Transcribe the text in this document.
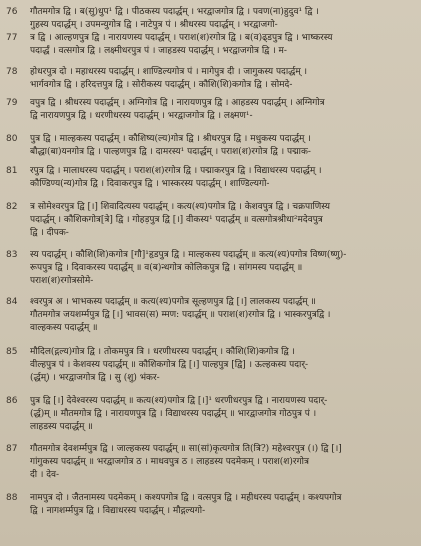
76 गौतमगोत्र द्वि । ब(सु)धुप¹ द्वि । पीठकस्य पदार्द्धम् । भरद्वाजगोत्र द्वि । पवण(ना)हुदुव¹ द्वि ।
गुहस्य पदार्द्धम् । उपमन्युगोत्र द्वि । नाटेपुत्र पं । श्रीधरस्य पदार्द्धम् । भरद्वाजगो-
77 त्र द्वि । आल्हणपुत्र द्वि । नारायणस्य पदार्द्धम् । पराश(श)रगोत्र द्वि । ब(व)ढ्डपुत्र द्वि । भाष्करस्य
पदार्द्धं । वत्सगोत्र द्वि । लक्ष्मीधरपुत्र पं । जाहडस्य पदार्द्धम् । भरद्वाजगोत्र द्वि । म-
78 होधरपुत्र दो । महाधरस्य पदार्द्धम् । शाण्डिल्यगोत्र पं । मागेपुत्र दी । जागुकस्य पदार्द्धम् ।
भार्गवगोत्र द्वि । हरिदत्तपुत्र द्वि । सोरीकस्य पदार्द्धम् । कौशि(शि)कगोत्र द्वि । सोमदे-
79 वपुत्र द्वि । श्रीधरस्य पदार्द्धम् । अग्निगोत्र द्वि । नारायणपुत्र द्वि । आहडस्य पदार्द्धम् । अग्निगोत्र
द्वि नारायणपुत्र द्वि । धरणीधरस्य पदार्द्धम् । भरद्वाजगोत्र द्वि । लक्ष्मण¹-
80 पुत्र द्वि । माल्हकस्य पदार्द्धम् । कौशिष्य(ल्य)गोत्र द्वि । श्रीधरपुत्र द्वि । मधुकस्य पदार्द्धम् ।
बौद्धा(बा)यनगोत्र द्वि । पाल्हणपुत्र द्वि । दामरस्य¹ पदार्द्धम् । पराश(श)रगोत्र द्वि । पद्माक-
81 रपुत्र द्वि । मालाधरस्य पदार्द्धम् । पराश(श)रगोत्र द्वि । पद्माकरपुत्र द्वि । विद्याधरस्य पदार्द्धम् ।
कौण्डिण्य(न्य)गोत्र द्वि । दिवाकरपुत्र द्वि । भास्करस्य पदार्द्धम् । शाण्डिल्यगो-
82 त्र सोमेश्वरपुत्र द्वि [।] शिवादित्यस्य पदार्द्धम् । कत्य(श्य)पगोत्र द्वि । केशवपुत्र द्वि । चक्रपाणिस्य
पदार्द्धम् । कौशिकगोत्र[त्रे] द्वि । गोहड़पुत्र द्वि [।] वीकस्य¹ पदार्द्धम् ॥ वत्सगोत्रश्रीधा²मदेवपुत्र
द्वि । दीपक-
83 स्य पदार्द्धम् । कौशि(शि)कगोत्र [गौ]¹हृडपुत्र द्वि । माल्हकस्य पदार्द्धम् ॥ कत्य(श्य)पगोत्र विष्ण(ष्णु)-
रूपपुत्र द्वि । दिवाकरस्य पदार्द्धम् ॥ व(ब)न्धगोत्र कोलिकपुत्र द्वि । सांगमस्य पदार्द्धम् ॥
पराश(श)रगोत्रसोमे-
84 श्वरपुत्र अ । भाभकस्य पदार्द्धम् ॥ कत्य(श्य)पगोत्र सूल्हणपुत्र द्वि [।] लालकस्य पदार्द्धम् ॥
गौतमगोत्र जयशर्म्मपुत्र द्वि [।] भावस(स) म्मण: पदार्द्धम् ॥ पराश(श)रगोत्र द्वि । भास्करपुत्रद्वि ।
वाल्हकस्य पदार्द्धम् ॥
85 मौदिल(द्गल्य)गोत्र द्वि । तोकमपुत्र त्रि । धरणीधरस्य पदार्द्धम् । कौशि(शि)कगोत्र द्वि ।
वील्हपुत्र पं । केशवस्य पदार्द्धम् ॥ कौशिकगोत्र द्वि [।] पाल्हपुत्र [द्वि] । ऊल्हकस्य पदार्-
(र्द्धम्) । भरद्वाजगोत्र द्वि । सु (शु) भंकर-
86 पुत्र द्वि [।] देवेश्वरस्य पदार्द्धम् ॥ कत्य(श्य)पगोत्र द्वि [।]¹ धरणीधरपुत्र द्वि । नारायणस्य पदार्-
(र्द्ध)म् ॥ मौतमगोत्र द्वि । नारायणपुत्र द्वि । विद्याधरस्य पदार्द्धम् ॥ भारद्वाजगोत्र गोठपुत्र पं ।
लाहडस्य पदार्द्धम् ॥
87 गौतमगोत्र देवशर्म्मपुत्र द्वि । जाल्हकस्य पदार्द्धम् ॥ सा(सां)कृत्यगोत्र ति(त्रि?) महेश्वरपुत्र (।) द्वि [।]
गांगुकस्य पदार्द्धम् ॥ भरद्वाजगोत्र ठ । माधवपुत्र ठ । लाहडस्य पदमेकम् । पराश(श)रगोत्र
दी । देव-
88 नामपुत्र दो । जैतनामस्य पदमेकम् । कश्यपगोत्र द्वि । वत्सपुत्र द्वि । महीधरस्य पदार्द्धम् । कश्यपगोत्र
द्वि । नागशर्म्मपुत्र द्वि । विद्याधरस्य पदार्द्धम् । मौद्गल्यगो-
